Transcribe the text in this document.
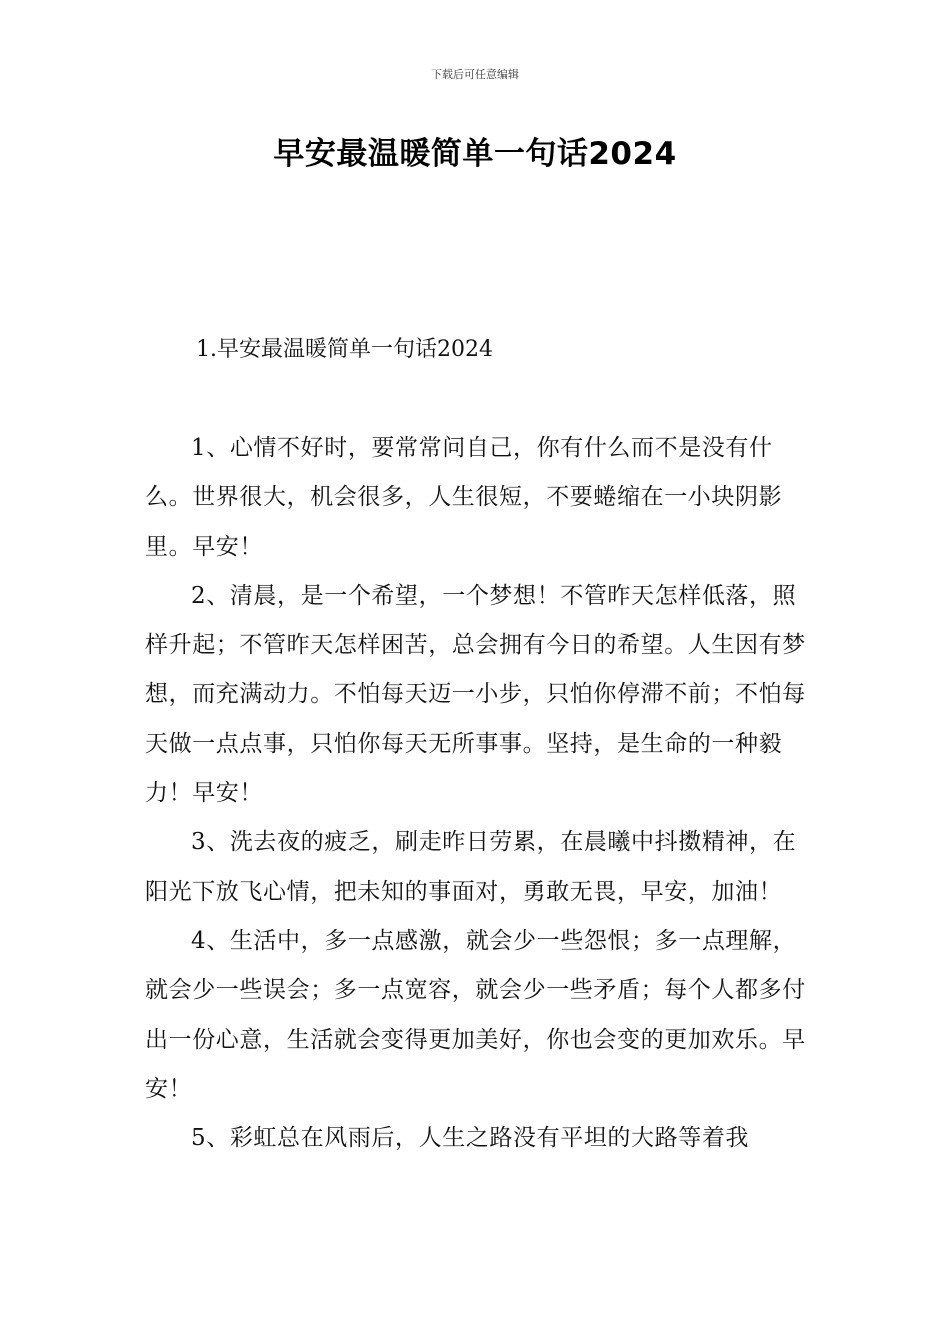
下载后可任意编辑
早安最温暖简单一句话2024
1.早安最温暖简单一句话2024

1、心情不好时，要常常问自己，你有什么而不是没有什么。世界很大，机会很多，人生很短，不要蜷缩在一小块阴影里。早安！

2、清晨，是一个希望，一个梦想！不管昨天怎样低落，照样升起；不管昨天怎样困苦，总会拥有今日的希望。人生因有梦想，而充满动力。不怕每天迈一小步，只怕你停滞不前；不怕每天做一点点事，只怕你每天无所事事。坚持，是生命的一种毅力！早安！

3、洗去夜的疲乏，刷走昨日劳累，在晨曦中抖擞精神，在阳光下放飞心情，把未知的事面对，勇敢无畏，早安，加油！

4、生活中，多一点感激，就会少一些怨恨；多一点理解，就会少一些误会；多一点宽容，就会少一些矛盾；每个人都多付出一份心意，生活就会变得更加美好，你也会变的更加欢乐。早安！

5、彩虹总在风雨后，人生之路没有平坦的大路等着我
